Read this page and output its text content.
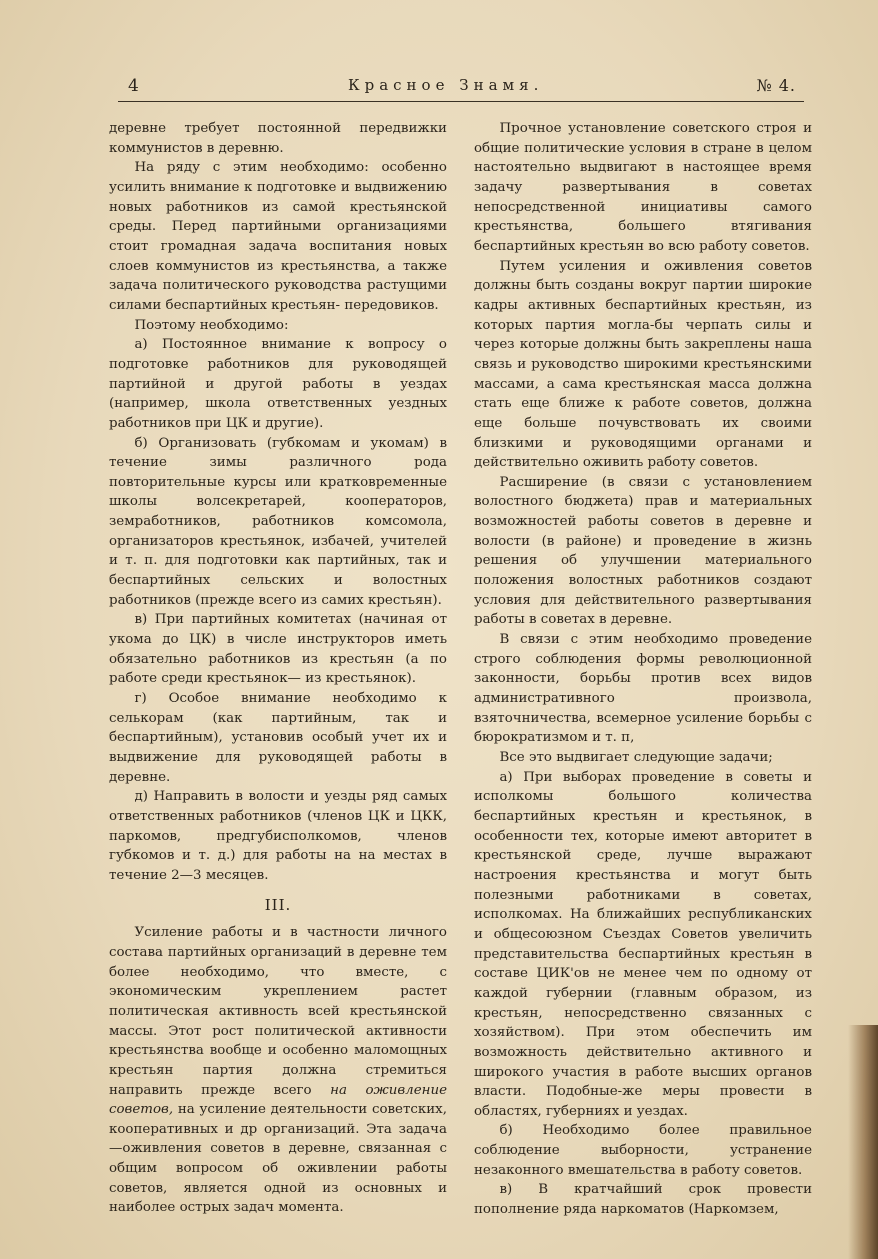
4	Красное Знамя.	№ 4.

деревне требует постоянной передвижки коммунистов в деревню.

На ряду с этим необходимо: особенно усилить внимание к подготовке и выдвижению новых работников из самой крестьянской среды. Перед партийными организациями стоит громадная задача воспитания новых слоев коммунистов из крестьянства, а также задача политического руководства растущими силами беспартийных крестьян- передовиков.

Поэтому необходимо:

а) Постоянное внимание к вопросу о подготовке работников для руководящей партийной и другой работы в уездах (например, школа ответственных уездных работников при ЦК и другие).

б) Организовать (губкомам и укомам) в течение зимы различного рода повторительные курсы или кратковременные школы волсекретарей, кооператоров, земработников, работников комсомола, организаторов крестьянок, избачей, учителей и т. п. для подготовки как партийных, так и беспартийных сельских и волостных работников (прежде всего из самих крестьян).

в) При партийных комитетах (начиная от укома до ЦК) в числе инструкторов иметь обязательно работников из крестьян (а по работе среди крестьянок— из крестьянок).

г) Особое внимание необходимо к селькорам (как партийным, так и беспартийным), установив особый учет их и выдвижение для руководящей работы в деревне.

д) Направить в волости и уезды ряд самых ответственных работников (членов ЦК и ЦКК, паркомов, предгубисполкомов, членов губкомов и т. д.) для работы на на местах в течение 2—3 месяцев.

III.

Усиление работы и в частности личного состава партийных организаций в деревне тем более необходимо, что вместе, с экономическим укреплением растет политическая активность всей крестьянской массы. Этот рост политической активности крестьянства вообще и особенно маломощных крестьян партия должна стремиться направить прежде всего на оживление советов, на усиление деятельности советских, кооперативных и др организаций. Эта задача—оживления советов в деревне, связанная с общим вопросом об оживлении работы советов, является одной из основных и наиболее острых задач момента.

Прочное установление советского строя и общие политические условия в стране в целом настоятельно выдвигают в настоящее время задачу развертывания в советах непосредственной инициативы самого крестьянства, большего втягивания беспартийных крестьян во всю работу советов.

Путем усиления и оживления советов должны быть созданы вокруг партии широкие кадры активных беспартийных крестьян, из которых партия могла-бы черпать силы и через которые должны быть закреплены наша связь и руководство широкими крестьянскими массами, а сама крестьянская масса должна стать еще ближе к работе советов, должна еще больше почувствовать их своими близкими и руководящими органами и действительно оживить работу советов.

Расширение (в связи с установлением волостного бюджета) прав и материальных возможностей работы советов в деревне и волости (в районе) и проведение в жизнь решения об улучшении материального положения волостных работников создают условия для действительного развертывания работы в советах в деревне.

В связи с этим необходимо проведение строго соблюдения формы революционной законности, борьбы против всех видов административного произвола, взяточничества, всемерное усиление борьбы с бюрократизмом и т. п,

Все это выдвигает следующие задачи;

а) При выборах проведение в советы и исполкомы большого количества беспартийных крестьян и крестьянок, в особенности тех, которые имеют авторитет в крестьянской среде, лучше выражают настроения крестьянства и могут быть полезными работниками в советах, исполкомах. На ближайших республиканских и общесоюзном Съездах Советов увеличить представительства беспартийных крестьян в составе ЦИК'ов не менее чем по одному от каждой губернии (главным образом, из крестьян, непосредственно связанных с хозяйством). При этом обеспечить им возможность действительно активного и широкого участия в работе высших органов власти. Подобные-же меры провести в областях, губерниях и уездах.

б) Необходимо более правильное соблюдение выборности, устранение незаконного вмешательства в работу советов.

в) В кратчайший срок провести пополнение ряда наркоматов (Наркомзем,
